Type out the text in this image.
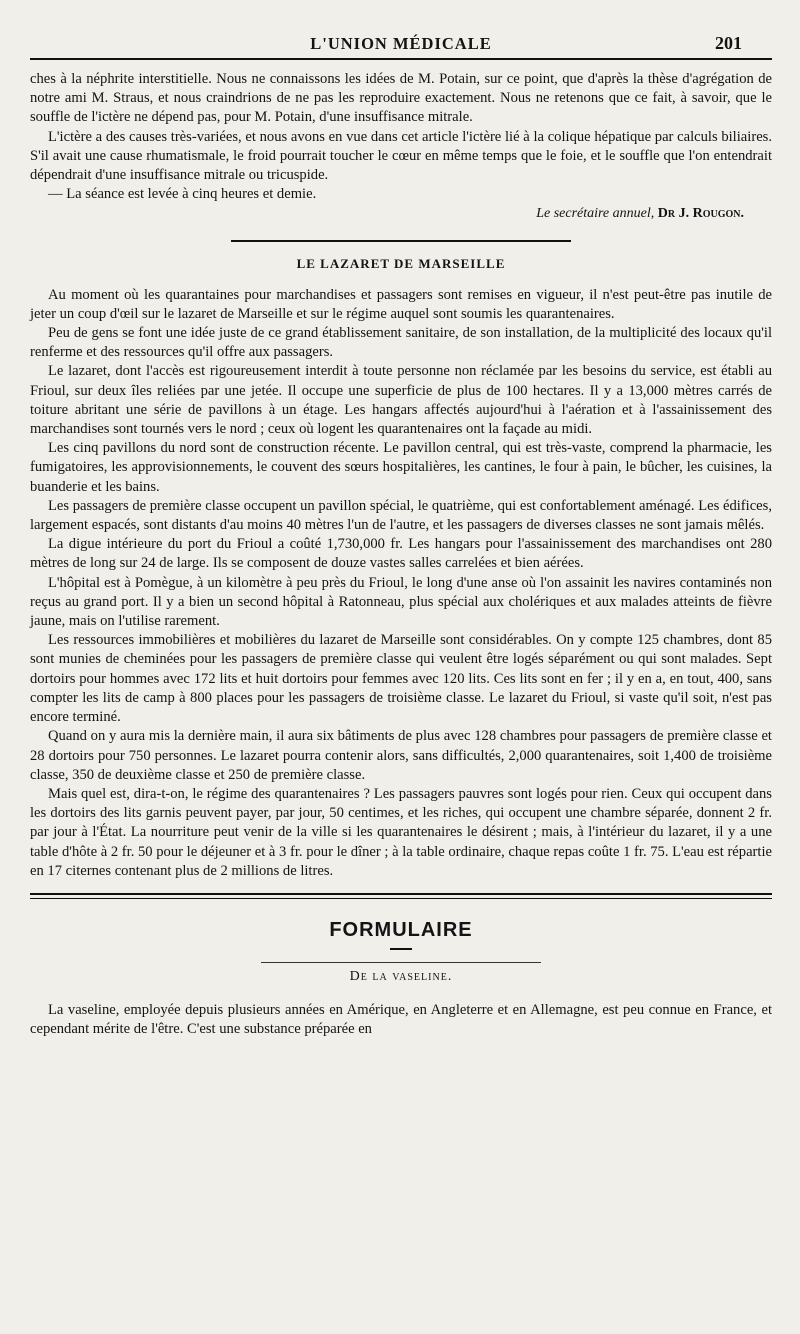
L'UNION MÉDICALE	201

ches à la néphrite interstitielle. Nous ne connaissons les idées de M. Potain, sur ce point, que d'après la thèse d'agrégation de notre ami M. Straus, et nous craindrions de ne pas les reproduire exactement. Nous ne retenons que ce fait, à savoir, que le souffle de l'ictère ne dépend pas, pour M. Potain, d'une insuffisance mitrale.

L'ictère a des causes très-variées, et nous avons en vue dans cet article l'ictère lié à la colique hépatique par calculs biliaires. S'il avait une cause rhumatismale, le froid pourrait toucher le cœur en même temps que le foie, et le souffle que l'on entendrait dépendrait d'une insuffisance mitrale ou tricuspide.

— La séance est levée à cinq heures et demie.

Le secrétaire annuel, Dr J. Rougon.
LE LAZARET DE MARSEILLE

Au moment où les quarantaines pour marchandises et passagers sont remises en vigueur, il n'est peut-être pas inutile de jeter un coup d'œil sur le lazaret de Marseille et sur le régime auquel sont soumis les quarantenaires.

Peu de gens se font une idée juste de ce grand établissement sanitaire, de son installation, de la multiplicité des locaux qu'il renferme et des ressources qu'il offre aux passagers.

Le lazaret, dont l'accès est rigoureusement interdit à toute personne non réclamée par les besoins du service, est établi au Frioul, sur deux îles reliées par une jetée. Il occupe une superficie de plus de 100 hectares. Il y a 13,000 mètres carrés de toiture abritant une série de pavillons à un étage. Les hangars affectés aujourd'hui à l'aération et à l'assainissement des marchandises sont tournés vers le nord ; ceux où logent les quarantenaires ont la façade au midi.

Les cinq pavillons du nord sont de construction récente. Le pavillon central, qui est très-vaste, comprend la pharmacie, les fumigatoires, les approvisionnements, le couvent des sœurs hospitalières, les cantines, le four à pain, le bûcher, les cuisines, la buanderie et les bains.

Les passagers de première classe occupent un pavillon spécial, le quatrième, qui est confortablement aménagé. Les édifices, largement espacés, sont distants d'au moins 40 mètres l'un de l'autre, et les passagers de diverses classes ne sont jamais mêlés.

La digue intérieure du port du Frioul a coûté 1,730,000 fr. Les hangars pour l'assainissement des marchandises ont 280 mètres de long sur 24 de large. Ils se composent de douze vastes salles carrelées et bien aérées.

L'hôpital est à Pomègue, à un kilomètre à peu près du Frioul, le long d'une anse où l'on assainit les navires contaminés non reçus au grand port. Il y a bien un second hôpital à Ratonneau, plus spécial aux cholériques et aux malades atteints de fièvre jaune, mais on l'utilise rarement.

Les ressources immobilières et mobilières du lazaret de Marseille sont considérables. On y compte 125 chambres, dont 85 sont munies de cheminées pour les passagers de première classe qui veulent être logés séparément ou qui sont malades. Sept dortoirs pour hommes avec 172 lits et huit dortoirs pour femmes avec 120 lits. Ces lits sont en fer ; il y en a, en tout, 400, sans compter les lits de camp à 800 places pour les passagers de troisième classe. Le lazaret du Frioul, si vaste qu'il soit, n'est pas encore terminé.

Quand on y aura mis la dernière main, il aura six bâtiments de plus avec 128 chambres pour passagers de première classe et 28 dortoirs pour 750 personnes. Le lazaret pourra contenir alors, sans difficultés, 2,000 quarantenaires, soit 1,400 de troisième classe, 350 de deuxième classe et 250 de première classe.

Mais quel est, dira-t-on, le régime des quarantenaires ? Les passagers pauvres sont logés pour rien. Ceux qui occupent dans les dortoirs des lits garnis peuvent payer, par jour, 50 centimes, et les riches, qui occupent une chambre séparée, donnent 2 fr. par jour à l'État. La nourriture peut venir de la ville si les quarantenaires le désirent ; mais, à l'intérieur du lazaret, il y a une table d'hôte à 2 fr. 50 pour le déjeuner et à 3 fr. pour le dîner ; à la table ordinaire, chaque repas coûte 1 fr. 75. L'eau est répartie en 17 citernes contenant plus de 2 millions de litres.

FORMULAIRE
De la vaseline.

La vaseline, employée depuis plusieurs années en Amérique, en Angleterre et en Allemagne, est peu connue en France, et cependant mérite de l'être. C'est une substance préparée en
